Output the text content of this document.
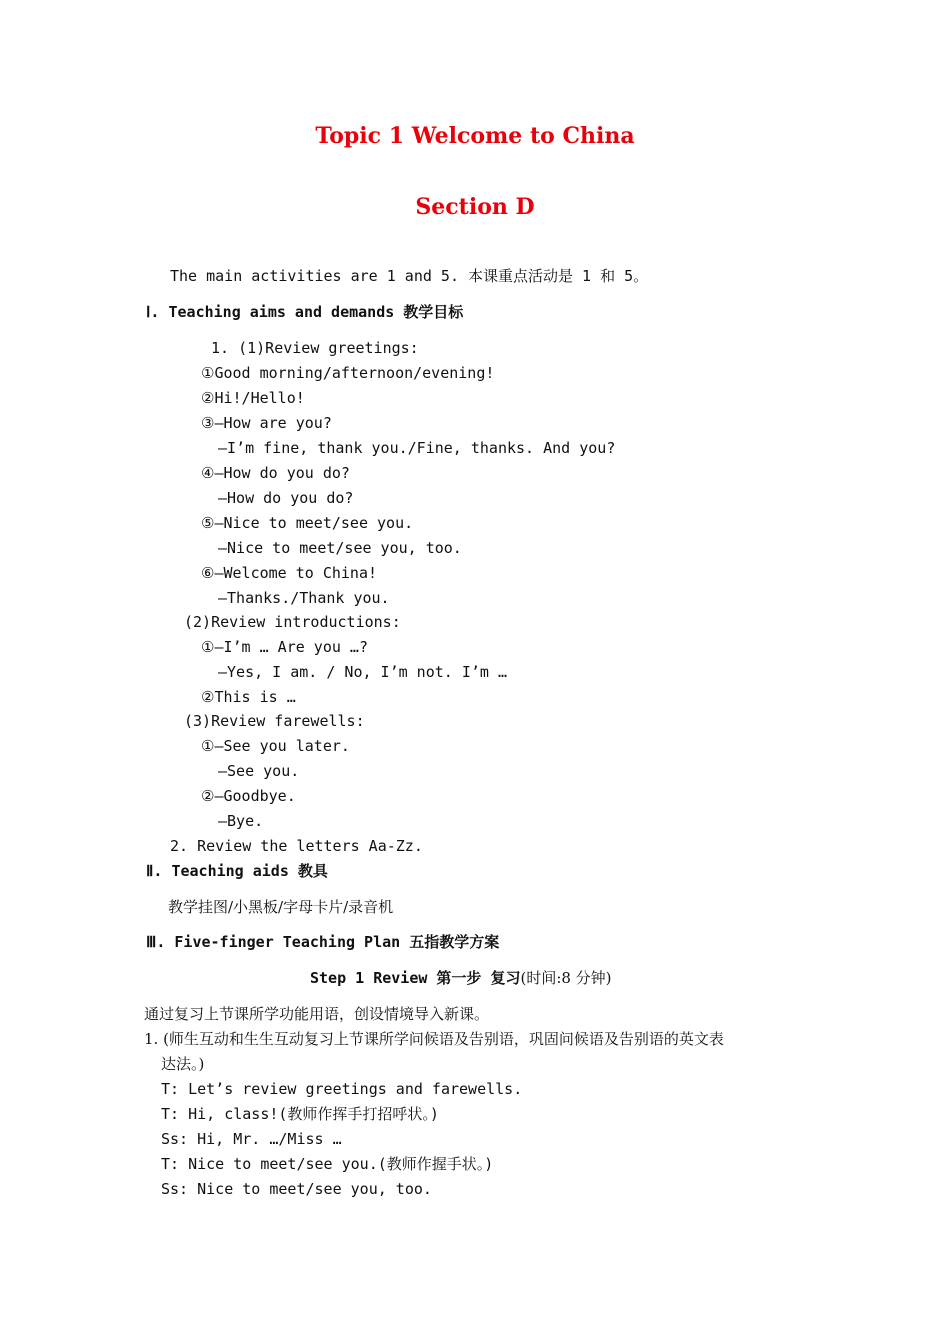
Topic 1 Welcome to China
Section D
The main activities are 1 and 5. 本课重点活动是 1 和 5。
Ⅰ. Teaching aims and demands 教学目标
1. (1)Review greetings:
①Good morning/afternoon/evening!
②Hi!/Hello!
③—How are you?
—I’m fine, thank you./Fine, thanks. And you?
④—How do you do?
—How do you do?
⑤—Nice to meet/see you.
—Nice to meet/see you, too.
⑥—Welcome to China!
—Thanks./Thank you.
(2)Review introductions:
①—I’m … Are you …?
—Yes, I am. / No, I’m not. I’m …
②This is …
(3)Review farewells:
①—See you later.
—See you.
②—Goodbye.
—Bye.
2. Review the letters Aa-Zz.
Ⅱ. Teaching aids 教具
教学挂图/小黑板/字母卡片/录音机
Ⅲ. Five-finger Teaching Plan 五指教学方案
Step 1 Review 第一步 复习(时间:8 分钟)
通过复习上节课所学功能用语，创设情境导入新课。
1. (师生互动和生生互动复习上节课所学问候语及告别语，巩固问候语及告别语的英文表
达法。)
T: Let’s review greetings and farewells.
T: Hi, class!(教师作挥手打招呼状。)
Ss: Hi, Mr. …/Miss …
T: Nice to meet/see you.(教师作握手状。)
Ss: Nice to meet/see you, too.
